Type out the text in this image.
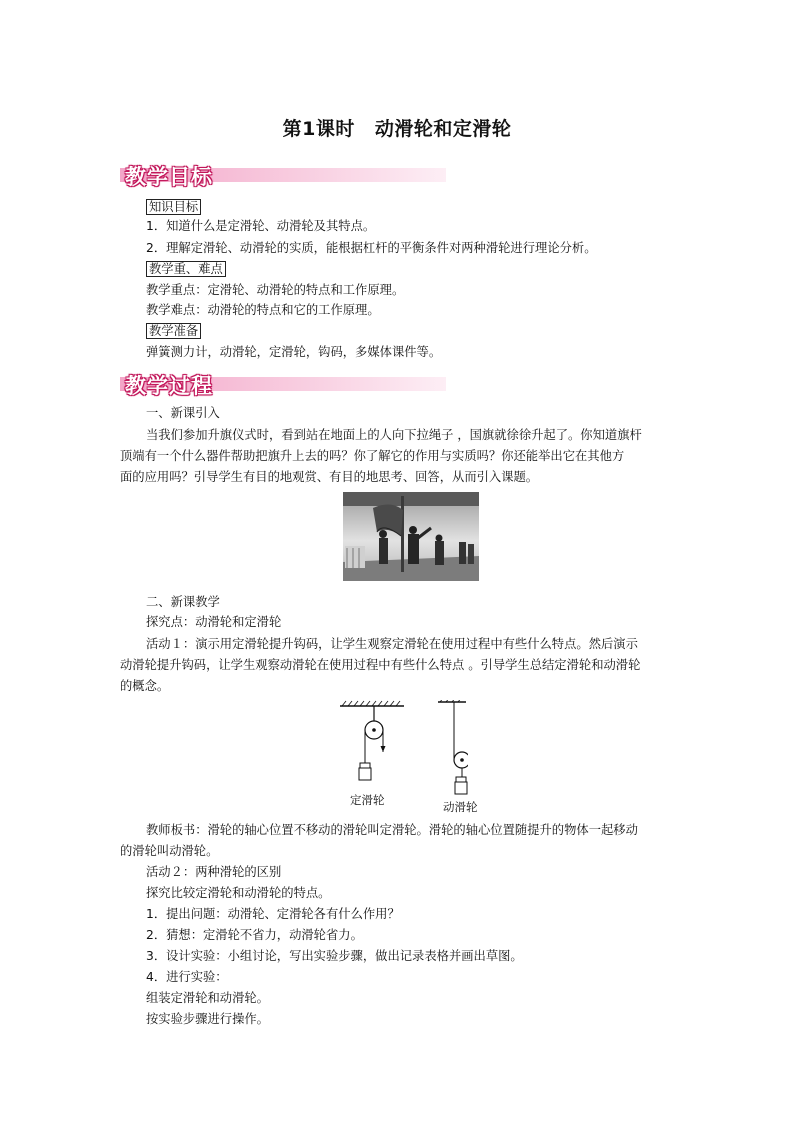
第1课时 动滑轮和定滑轮
教学目标
知识目标
1．知道什么是定滑轮、动滑轮及其特点。
2．理解定滑轮、动滑轮的实质，能根据杠杆的平衡条件对两种滑轮进行理论分析。
教学重、难点
教学重点：定滑轮、动滑轮的特点和工作原理。
教学难点：动滑轮的特点和它的工作原理。
教学准备
弹簧测力计，动滑轮，定滑轮，钩码，多媒体课件等。
教学过程
一、新课引入
当我们参加升旗仪式时，看到站在地面上的人向下拉绳子 ，国旗就徐徐升起了。你知道旗杆
顶端有一个什么器件帮助把旗升上去的吗？你了解它的作用与实质吗？你还能举出它在其他方
面的应用吗？引导学生有目的地观赏、有目的地思考、回答，从而引入课题。
二、新课教学
探究点：动滑轮和定滑轮
活动１：演示用定滑轮提升钩码，让学生观察定滑轮在使用过程中有些什么特点。然后演示
动滑轮提升钩码，让学生观察动滑轮在使用过程中有些什么特点 。引导学生总结定滑轮和动滑轮
的概念。
定滑轮	动滑轮
教师板书：滑轮的轴心位置不移动的滑轮叫定滑轮。滑轮的轴心位置随提升的物体一起移动
的滑轮叫动滑轮。
活动２：两种滑轮的区别
探究比较定滑轮和动滑轮的特点。
1．提出问题：动滑轮、定滑轮各有什么作用？
2．猜想：定滑轮不省力，动滑轮省力。
3．设计实验：小组讨论，写出实验步骤，做出记录表格并画出草图。
4．进行实验：
组装定滑轮和动滑轮。
按实验步骤进行操作。
